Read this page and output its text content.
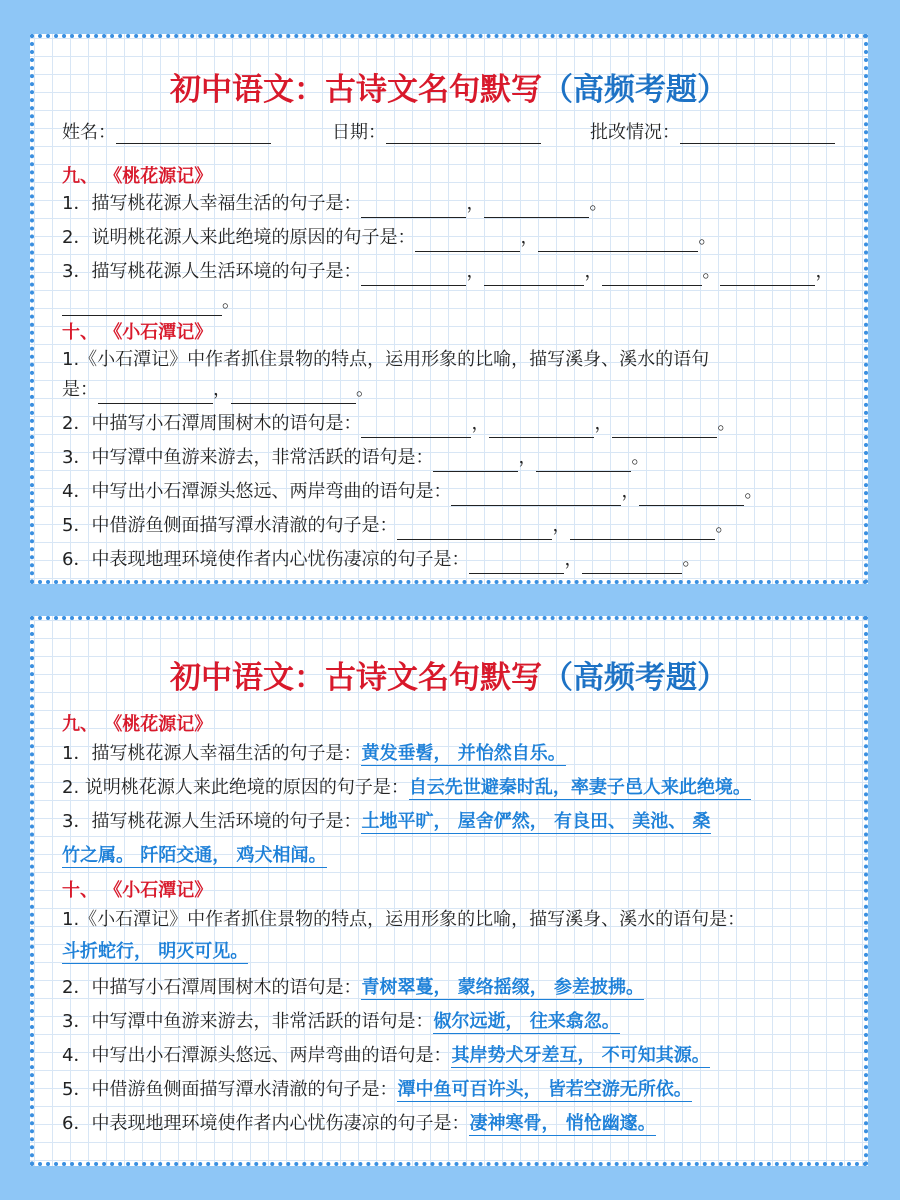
初中语文：古诗文名句默写（高频考题）
姓名：	日期：	批改情况：
九、 《桃花源记》
1．描写桃花源人幸福生活的句子是：	，	。
2．说明桃花源人来此绝境的原因的句子是：	，	。
3．描写桃花源人生活环境的句子是：	，	，	。	，
。
十、 《小石潭记》
1.《小石潭记》中作者抓住景物的特点，运用形象的比喻，描写溪身、溪水的语句
是：	，	。
2．中描写小石潭周围树木的语句是：	，	，	。
3．中写潭中鱼游来游去，非常活跃的语句是：	，	。
4．中写出小石潭源头悠远、两岸弯曲的语句是：	，	。
5．中借游鱼侧面描写潭水清澈的句子是：	，	。
6．中表现地理环境使作者内心忧伤凄凉的句子是：	，	。
初中语文：古诗文名句默写（高频考题）
九、 《桃花源记》
1．描写桃花源人幸福生活的句子是：黄发垂髫， 并怡然自乐。
2. 说明桃花源人来此绝境的原因的句子是：自云先世避秦时乱，率妻子邑人来此绝境。
3．描写桃花源人生活环境的句子是：土地平旷， 屋舍俨然， 有良田、 美池、 桑
竹之属。 阡陌交通， 鸡犬相闻。
十、 《小石潭记》
1.《小石潭记》中作者抓住景物的特点，运用形象的比喻，描写溪身、溪水的语句是：
斗折蛇行， 明灭可见。
2．中描写小石潭周围树木的语句是：青树翠蔓， 蒙络摇缀， 参差披拂。
3．中写潭中鱼游来游去，非常活跃的语句是：俶尔远逝， 往来翕忽。
4．中写出小石潭源头悠远、两岸弯曲的语句是：其岸势犬牙差互， 不可知其源。
5．中借游鱼侧面描写潭水清澈的句子是：潭中鱼可百许头， 皆若空游无所依。
6．中表现地理环境使作者内心忧伤凄凉的句子是：凄神寒骨， 悄怆幽邃。
